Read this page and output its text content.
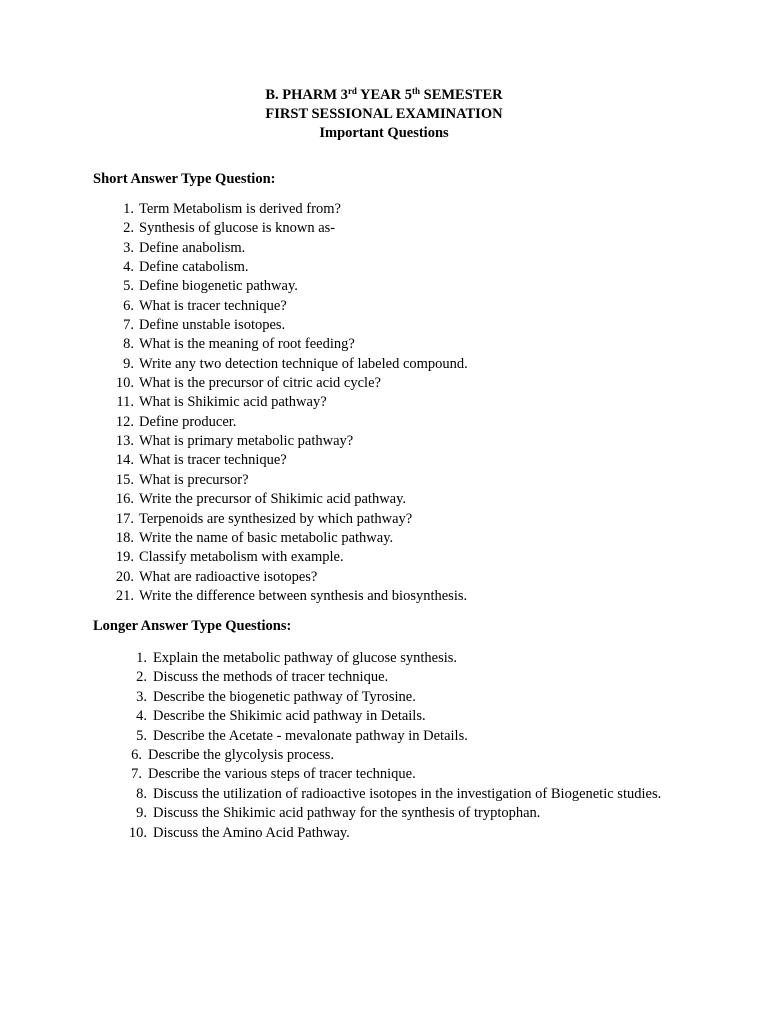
B. PHARM 3rd YEAR 5th SEMESTER
FIRST SESSIONAL EXAMINATION
Important Questions
Short Answer Type Question:
1. Term Metabolism is derived from?
2. Synthesis of glucose is known as-
3. Define anabolism.
4. Define catabolism.
5. Define biogenetic pathway.
6. What is tracer technique?
7. Define unstable isotopes.
8. What is the meaning of root feeding?
9. Write any two detection technique of labeled compound.
10. What is the precursor of citric acid cycle?
11. What is Shikimic acid pathway?
12. Define producer.
13. What is primary metabolic pathway?
14. What is tracer technique?
15. What is precursor?
16. Write the precursor of Shikimic acid pathway.
17. Terpenoids are synthesized by which pathway?
18. Write the name of basic metabolic pathway.
19. Classify metabolism with example.
20. What are radioactive isotopes?
21. Write the difference between synthesis and biosynthesis.
Longer Answer Type Questions:
1. Explain the metabolic pathway of glucose synthesis.
2. Discuss the methods of tracer technique.
3. Describe the biogenetic pathway of Tyrosine.
4. Describe the Shikimic acid pathway in Details.
5. Describe the Acetate - mevalonate pathway in Details.
6. Describe the glycolysis process.
7. Describe the various steps of tracer technique.
8. Discuss the utilization of radioactive isotopes in the investigation of Biogenetic studies.
9. Discuss the Shikimic acid pathway for the synthesis of tryptophan.
10. Discuss the Amino Acid Pathway.
